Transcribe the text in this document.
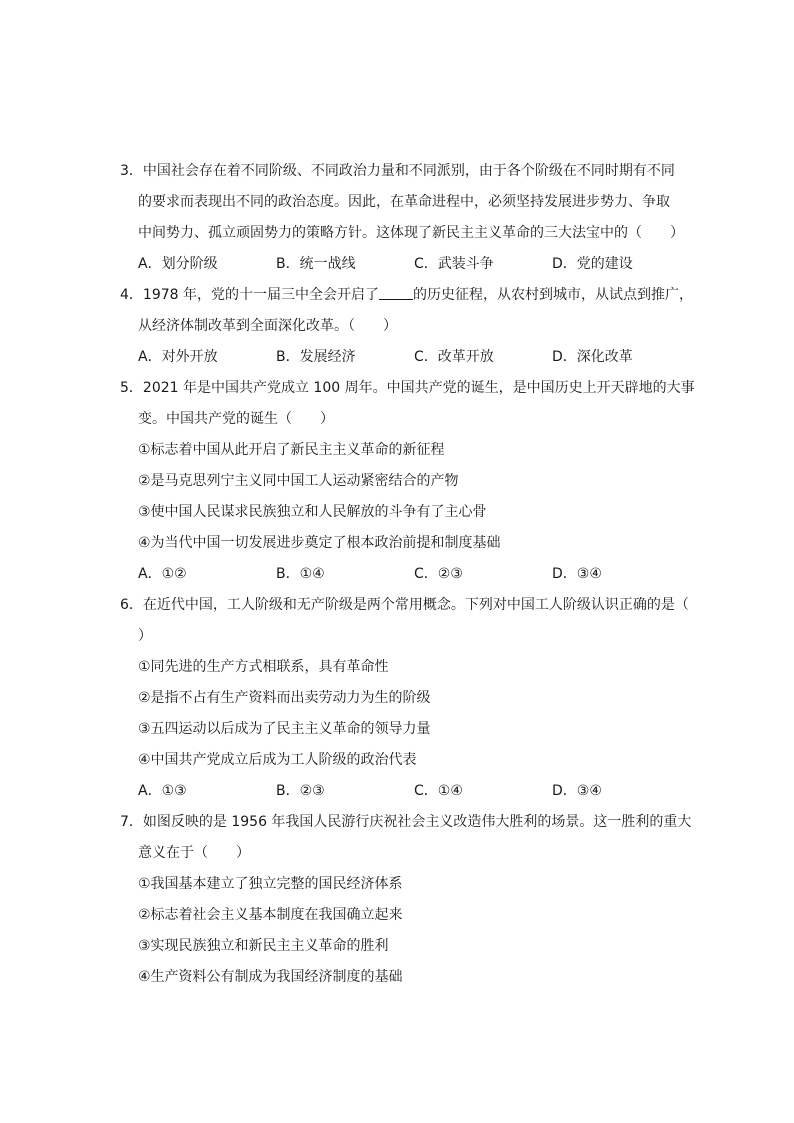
3．中国社会存在着不同阶级、不同政治力量和不同派别，由于各个阶级在不同时期有不同
的要求而表现出不同的政治态度。因此，在革命进程中，必须坚持发展进步势力、争取
中间势力、孤立顽固势力的策略方针。这体现了新民主主义革命的三大法宝中的（　　）
A．划分阶级	B．统一战线	C．武装斗争	D．党的建设
4．1978 年，党的十一届三中全会开启了 的历史征程，从农村到城市，从试点到推广，
从经济体制改革到全面深化改革。（　　）
A．对外开放	B．发展经济	C．改革开放	D．深化改革
5．2021 年是中国共产党成立 100 周年。中国共产党的诞生，是中国历史上开天辟地的大事
变。中国共产党的诞生（　　）
①标志着中国从此开启了新民主主义革命的新征程
②是马克思列宁主义同中国工人运动紧密结合的产物
③使中国人民谋求民族独立和人民解放的斗争有了主心骨
④为当代中国一切发展进步奠定了根本政治前提和制度基础
A．①②	B．①④	C．②③	D．③④
6．在近代中国，工人阶级和无产阶级是两个常用概念。下列对中国工人阶级认识正确的是（
）
①同先进的生产方式相联系，具有革命性
②是指不占有生产资料而出卖劳动力为生的阶级
③五四运动以后成为了民主主义革命的领导力量
④中国共产党成立后成为工人阶级的政治代表
A．①③	B．②③	C．①④	D．③④
7．如图反映的是 1956 年我国人民游行庆祝社会主义改造伟大胜利的场景。这一胜利的重大
意义在于（　　）
①我国基本建立了独立完整的国民经济体系
②标志着社会主义基本制度在我国确立起来
③实现民族独立和新民主主义革命的胜利
④生产资料公有制成为我国经济制度的基础
